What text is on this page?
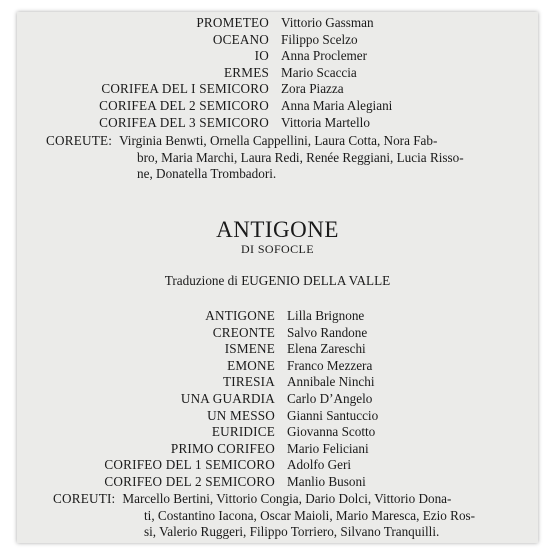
PROMETEO Vittorio Gassman
OCEANO Filippo Scelzo
IO Anna Proclemer
ERMES Mario Scaccia
CORIFEA DEL I SEMICORO Zora Piazza
CORIFEA DEL 2 SEMICORO Anna Maria Alegiani
CORIFEA DEL 3 SEMICORO Vittoria Martello
COREUTE: Virginia Benwti, Ornella Cappellini, Laura Cotta, Nora Fab-
bro, Maria Marchi, Laura Redi, Renée Reggiani, Lucia Risso-
ne, Donatella Trombadori.
ANTIGONE
DI SOFOCLE
Traduzione di EUGENIO DELLA VALLE
ANTIGONE Lilla Brignone
CREONTE Salvo Randone
ISMENE Elena Zareschi
EMONE Franco Mezzera
TIRESIA Annibale Ninchi
UNA GUARDIA Carlo D’Angelo
UN MESSO Gianni Santuccio
EURIDICE Giovanna Scotto
PRIMO CORIFEO Mario Feliciani
CORIFEO DEL 1 SEMICORO Adolfo Geri
CORIFEO DEL 2 SEMICORO Manlio Busoni
COREUTI: Marcello Bertini, Vittorio Congia, Dario Dolci, Vittorio Dona-
ti, Costantino Iacona, Oscar Maioli, Mario Maresca, Ezio Ros-
si, Valerio Ruggeri, Filippo Torriero, Silvano Tranquilli.
